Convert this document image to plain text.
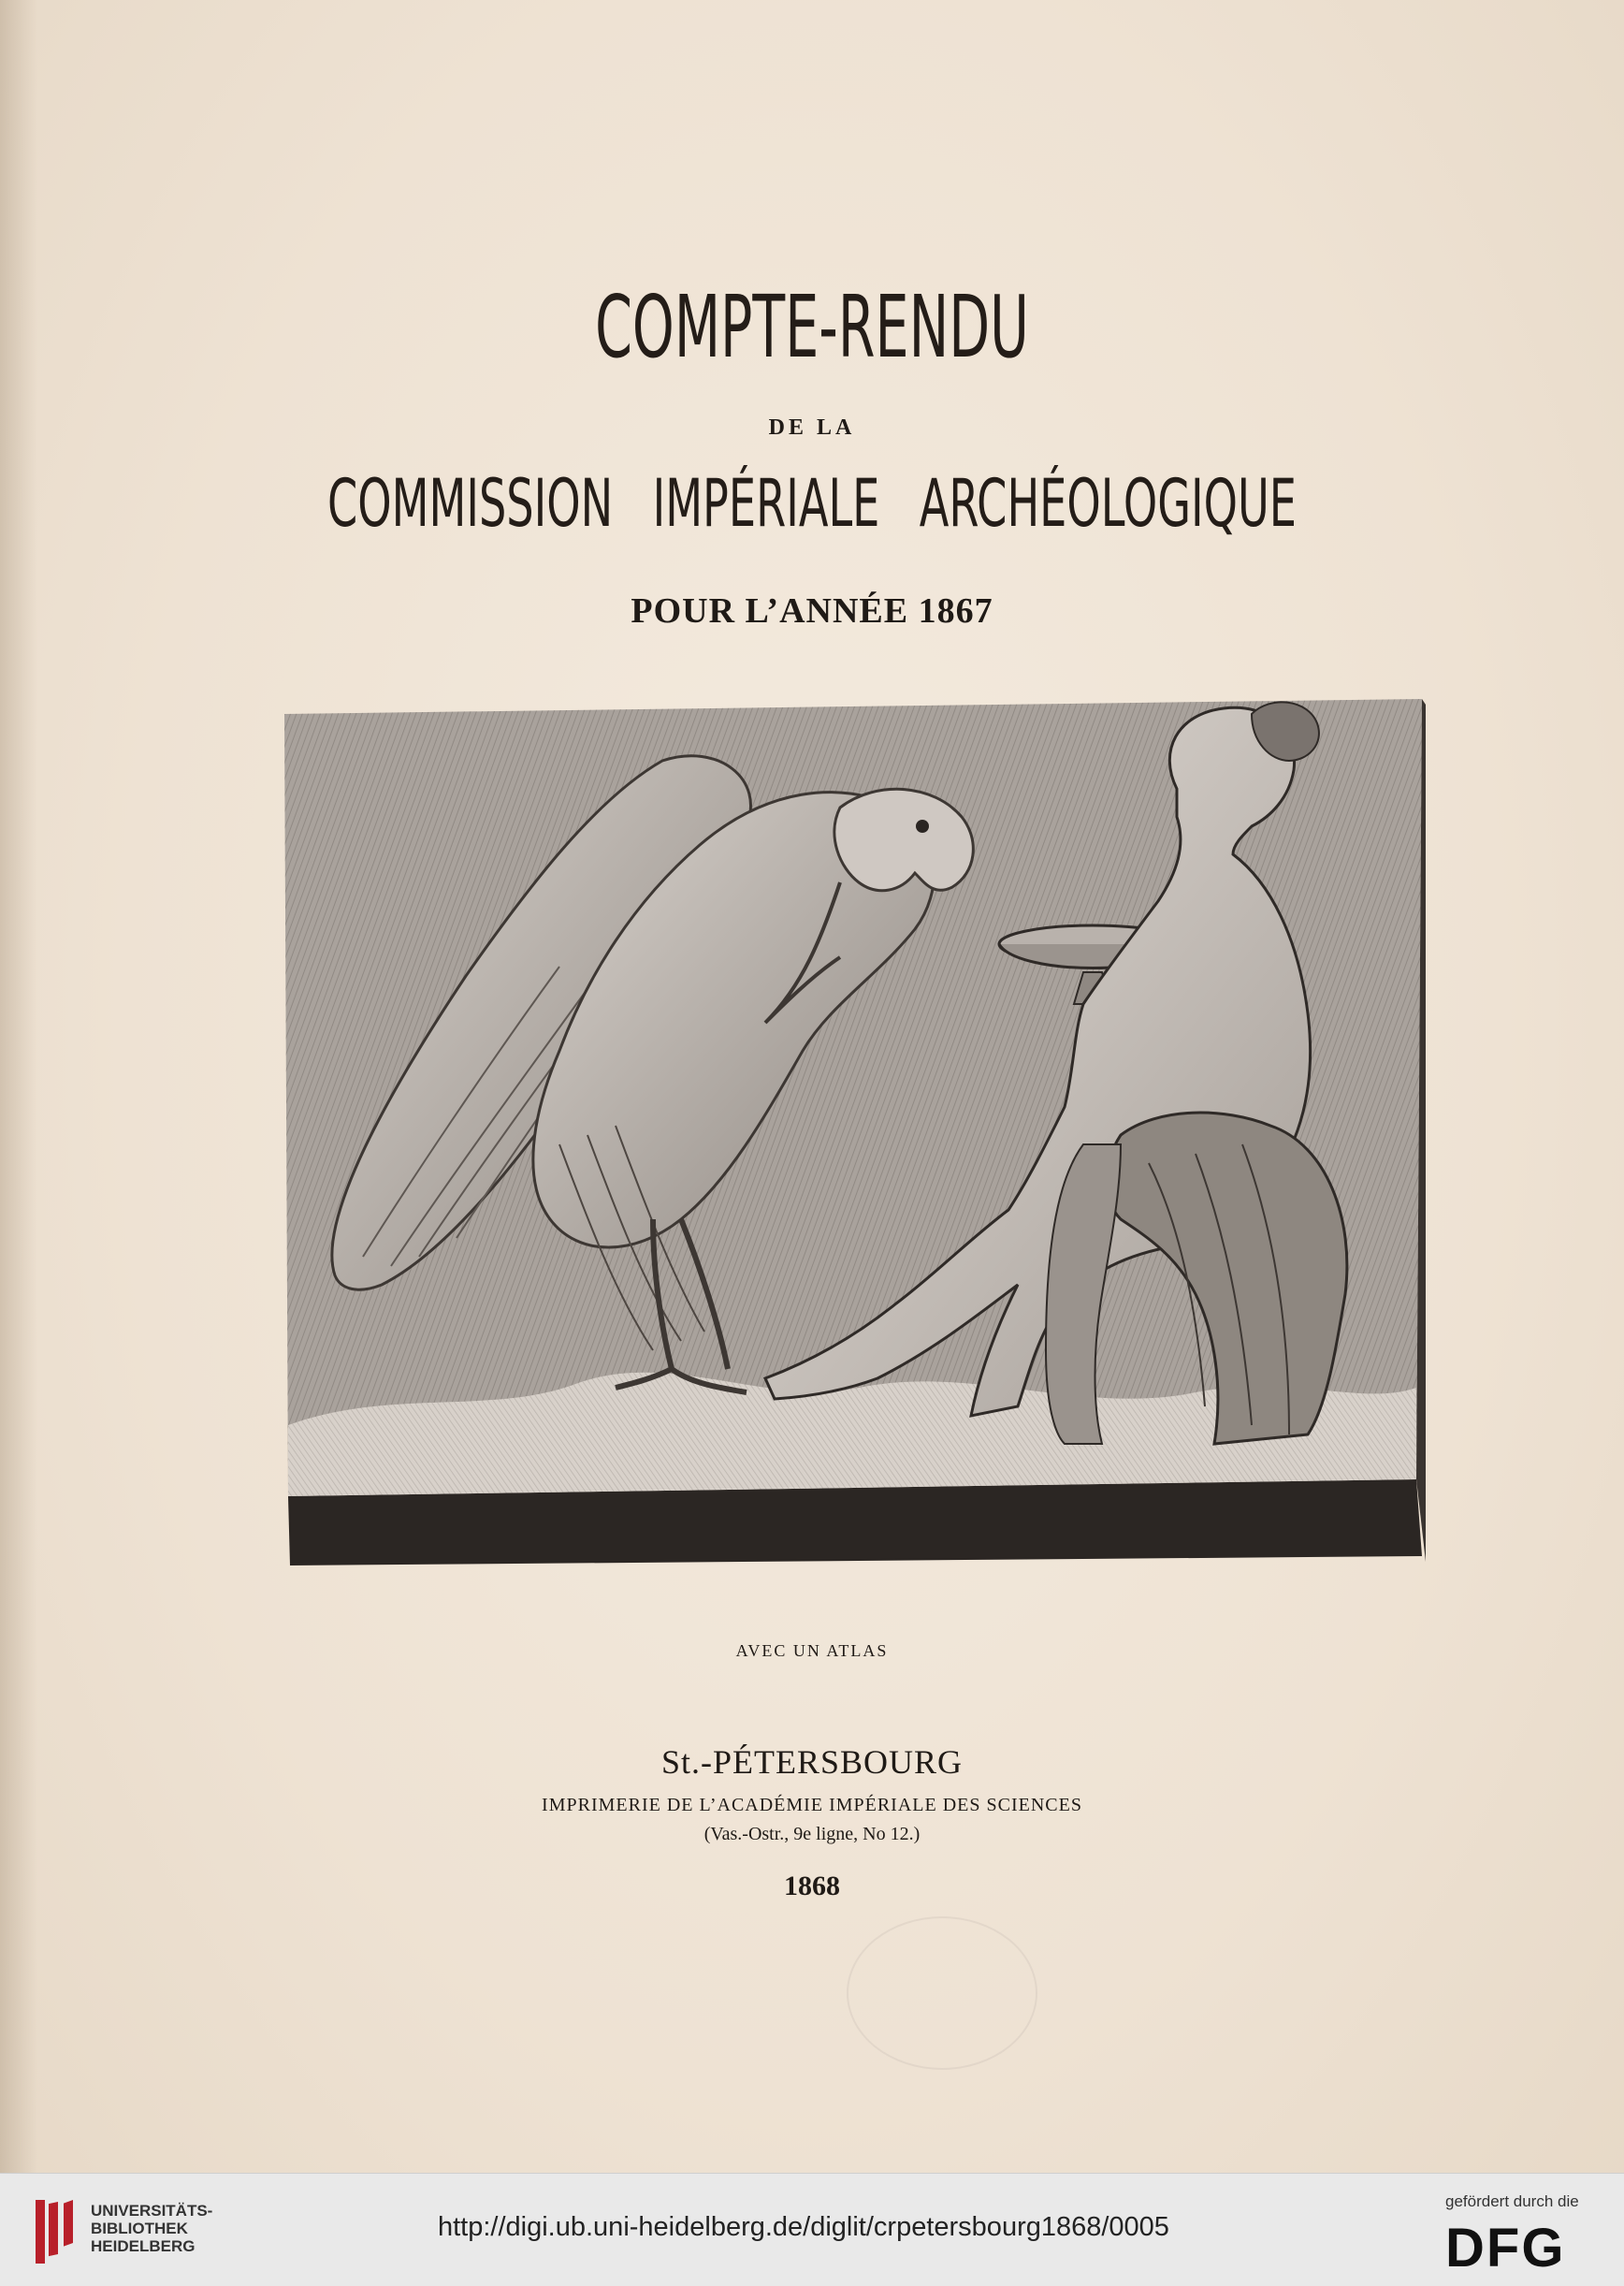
COMPTE-RENDU
DE LA
COMMISSION IMPÉRIALE ARCHÉOLOGIQUE
POUR L’ANNÉE 1867
AVEC UN ATLAS
St.-PÉTERSBOURG
IMPRIMERIE DE L’ACADÉMIE IMPÉRIALE DES SCIENCES
(Vas.-Ostr., 9e ligne, No 12.)
1868
UNIVERSITÄTS-
BIBLIOTHEK
HEIDELBERG
http://digi.ub.uni-heidelberg.de/diglit/crpetersbourg1868/0005
gefördert durch die
DFG
